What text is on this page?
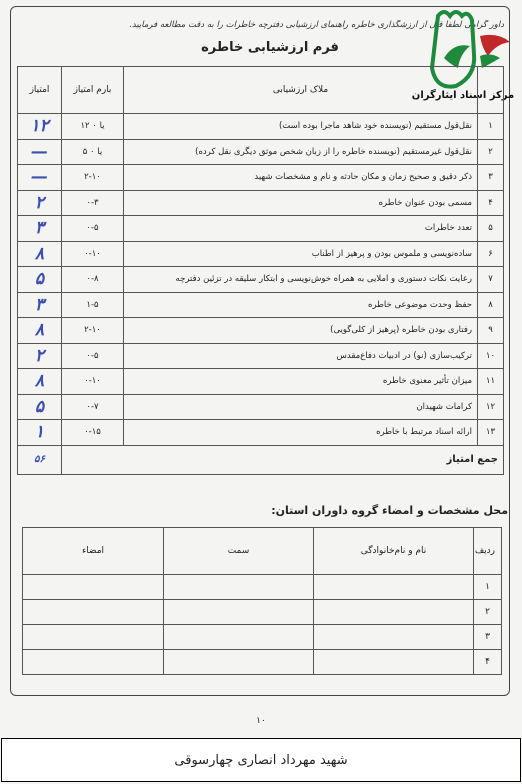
داور گرامی لطفاً قبل از ارزشگذاری خاطره راهنمای ارزشیابی دفترچه خاطرات را به دقت مطالعه فرمایید.
مرکز اسناد ایثارگران
فرم ارزشیابی خاطره
	ملاک ارزشیابی	بارم امتیاز	امتیاز
۱	نقل‌قول مستقیم (نویسنده خود شاهد ماجرا بوده است)	۱۲ یا ۰	۱۲
۲	نقل‌قول غیرمستقیم (نویسنده خاطره را از زبان شخص موثق دیگری نقل کرده)	۵ یا ۰	—
۳	ذکر دقیق و صحیح زمان و مکان حادثه و نام و مشخصات شهید	۲-۱۰	—
۴	مسمی بودن عنوان خاطره	۰-۳	۲
۵	تعدد خاطرات	۰-۵	۳
۶	ساده‌نویسی و ملموس بودن و پرهیز از اطناب	۰-۱۰	۸
۷	رعایت نکات دستوری و املایی به همراه خوش‌نویسی و ابتکار سلیقه در تزئین دفترچه	۰-۸	۵
۸	حفظ وحدت موضوعی خاطره	۱-۵	۳
۹	رفتاری بودن خاطره (پرهیز از کلی‌گویی)	۲-۱۰	۸
۱۰	ترکیب‌سازی (نو) در ادبیات دفاع‌مقدس	۰-۵	۲
۱۱	میزان تأثیر معنوی خاطره	۰-۱۰	۸
۱۲	کرامات شهیدان	۰-۷	۵
۱۳	ارائه اسناد مرتبط با خاطره	۰-۱۵	۱
جمع امتیاز			۵۶
محل مشخصات و امضاء گروه داوران استان:
ردیف	نام و نام‌خانوادگی	سمت	امضاء
۱			
۲			
۳			
۴			
۱۰
شهید مهرداد انصاری چهارسوقی
